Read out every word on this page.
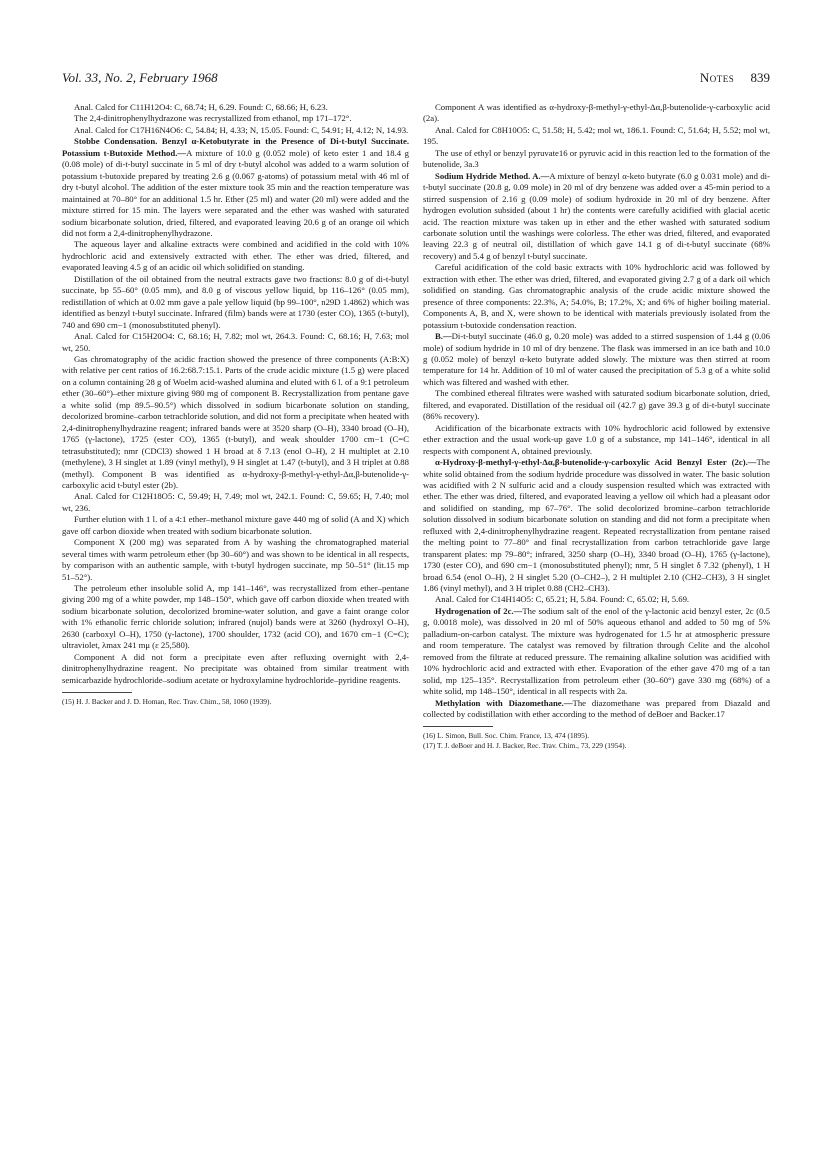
Vol. 33, No. 2, February 1968	Notes 839

Anal. Calcd for C11H12O4: C, 68.74; H, 6.29. Found: C, 68.66; H, 6.23.

The 2,4-dinitrophenylhydrazone was recrystallized from ethanol, mp 171–172°.

Anal. Calcd for C17H16N4O6: C, 54.84; H, 4.33; N, 15.05. Found: C, 54.91; H, 4.12; N, 14.93.

Stobbe Condensation. Benzyl α-Ketobutyrate in the Presence of Di-t-butyl Succinate. Potassium t-Butoxide Method.—A mixture of 10.0 g (0.052 mole) of keto ester 1 and 18.4 g (0.08 mole) of di-t-butyl succinate in 5 ml of dry t-butyl alcohol was added to a warm solution of potassium t-butoxide prepared by treating 2.6 g (0.067 g-atoms) of potassium metal with 46 ml of dry t-butyl alcohol. The addition of the ester mixture took 35 min and the reaction temperature was maintained at 70–80° for an additional 1.5 hr. Ether (25 ml) and water (20 ml) were added and the mixture stirred for 15 min. The layers were separated and the ether was washed with saturated sodium bicarbonate solution, dried, filtered, and evaporated leaving 20.6 g of an orange oil which did not form a 2,4-dinitrophenylhydrazone.

The aqueous layer and alkaline extracts were combined and acidified in the cold with 10% hydrochloric acid and extensively extracted with ether. The ether was dried, filtered, and evaporated leaving 4.5 g of an acidic oil which solidified on standing.

Distillation of the oil obtained from the neutral extracts gave two fractions: 8.0 g of di-t-butyl succinate, bp 55–60° (0.05 mm), and 8.0 g of viscous yellow liquid, bp 116–126° (0.05 mm), redistillation of which at 0.02 mm gave a pale yellow liquid (bp 99–100°, n29D 1.4862) which was identified as benzyl t-butyl succinate. Infrared (film) bands were at 1730 (ester CO), 1365 (t-butyl), 740 and 690 cm−1 (monosubstituted phenyl).

Anal. Calcd for C15H20O4: C, 68.16; H, 7.82; mol wt, 264.3. Found: C, 68.16; H, 7.63; mol wt, 250.

Gas chromatography of the acidic fraction showed the presence of three components (A:B:X) with relative per cent ratios of 16.2:68.7:15.1. Parts of the crude acidic mixture (1.5 g) were placed on a column containing 28 g of Woelm acid-washed alumina and eluted with 6 l. of a 9:1 petroleum ether (30–60°)–ether mixture giving 980 mg of component B. Recrystallization from pentane gave a white solid (mp 89.5–90.5°) which dissolved in sodium bicarbonate solution on standing, decolorized bromine–carbon tetrachloride solution, and did not form a precipitate when heated with 2,4-dinitrophenylhydrazine reagent; infrared bands were at 3520 sharp (O–H), 3340 broad (O–H), 1765 (γ-lactone), 1725 (ester CO), 1365 (t-butyl), and weak shoulder 1700 cm−1 (C=C tetrasubstituted); nmr (CDCl3) showed 1 H broad at δ 7.13 (enol O–H), 2 H multiplet at 2.10 (methylene), 3 H singlet at 1.89 (vinyl methyl), 9 H singlet at 1.47 (t-butyl), and 3 H triplet at 0.88 (methyl). Component B was identified as α-hydroxy-β-methyl-γ-ethyl-Δα,β-butenolide-γ-carboxylic acid t-butyl ester (2b).

Anal. Calcd for C12H18O5: C, 59.49; H, 7.49; mol wt, 242.1. Found: C, 59.65; H, 7.40; mol wt, 236.

Further elution with 1 l. of a 4:1 ether–methanol mixture gave 440 mg of solid (A and X) which gave off carbon dioxide when treated with sodium bicarbonate solution.

Component X (200 mg) was separated from A by washing the chromatographed material several times with warm petroleum ether (bp 30–60°) and was shown to be identical in all respects, by comparison with an authentic sample, with t-butyl hydrogen succinate, mp 50–51° (lit.15 mp 51–52°).

The petroleum ether insoluble solid A, mp 141–146°, was recrystallized from ether–pentane giving 200 mg of a white powder, mp 148–150°, which gave off carbon dioxide when treated with sodium bicarbonate solution, decolorized bromine-water solution, and gave a faint orange color with 1% ethanolic ferric chloride solution; infrared (nujol) bands were at 3260 (hydroxyl O–H), 2630 (carboxyl O–H), 1750 (γ-lactone), 1700 shoulder, 1732 (acid CO), and 1670 cm−1 (C=C); ultraviolet, λmax 241 mμ (ε 25,580).

Component A did not form a precipitate even after refluxing overnight with 2,4-dinitrophenylhydrazine reagent. No precipitate was obtained from similar treatment with semicarbazide hydrochloride–sodium acetate or hydroxylamine hydrochloride–pyridine reagents.

(15) H. J. Backer and J. D. Homan, Rec. Trav. Chim., 58, 1060 (1939).

Component A was identified as α-hydroxy-β-methyl-γ-ethyl-Δα,β-butenolide-γ-carboxylic acid (2a).

Anal. Calcd for C8H10O5: C, 51.58; H, 5.42; mol wt, 186.1. Found: C, 51.64; H, 5.52; mol wt, 195.

The use of ethyl or benzyl pyruvate16 or pyruvic acid in this reaction led to the formation of the butenolide, 3a.3

Sodium Hydride Method. A.—A mixture of benzyl α-keto butyrate (6.0 g 0.031 mole) and di-t-butyl succinate (20.8 g, 0.09 mole) in 20 ml of dry benzene was added over a 45-min period to a stirred suspension of 2.16 g (0.09 mole) of sodium hydroxide in 20 ml of dry benzene. After hydrogen evolution subsided (about 1 hr) the contents were carefully acidified with glacial acetic acid. The reaction mixture was taken up in ether and the ether washed with saturated sodium carbonate solution until the washings were colorless. The ether was dried, filtered, and evaporated leaving 22.3 g of neutral oil, distillation of which gave 14.1 g of di-t-butyl succinate (68% recovery) and 5.4 g of benzyl t-butyl succinate.

Careful acidification of the cold basic extracts with 10% hydrochloric acid was followed by extraction with ether. The ether was dried, filtered, and evaporated giving 2.7 g of a dark oil which solidified on standing. Gas chromatographic analysis of the crude acidic mixture showed the presence of three components: 22.3%, A; 54.0%, B; 17.2%, X; and 6% of higher boiling material. Components A, B, and X, were shown to be identical with materials previously isolated from the potassium t-butoxide condensation reaction.

B.—Di-t-butyl succinate (46.0 g, 0.20 mole) was added to a stirred suspension of 1.44 g (0.06 mole) of sodium hydride in 10 ml of dry benzene. The flask was immersed in an ice bath and 10.0 g (0.052 mole) of benzyl α-keto butyrate added slowly. The mixture was then stirred at room temperature for 14 hr. Addition of 10 ml of water caused the precipitation of 5.3 g of a white solid which was filtered and washed with ether.

The combined ethereal filtrates were washed with saturated sodium bicarbonate solution, dried, filtered, and evaporated. Distillation of the residual oil (42.7 g) gave 39.3 g of di-t-butyl succinate (86% recovery).

Acidification of the bicarbonate extracts with 10% hydrochloric acid followed by extensive ether extraction and the usual work-up gave 1.0 g of a substance, mp 141–146°, identical in all respects with component A, obtained previously.

α-Hydroxy-β-methyl-γ-ethyl-Δα,β-butenolide-γ-carboxylic Acid Benzyl Ester (2c).—The white solid obtained from the sodium hydride procedure was dissolved in water. The basic solution was acidified with 2 N sulfuric acid and a cloudy suspension resulted which was extracted with ether. The ether was dried, filtered, and evaporated leaving a yellow oil which had a pleasant odor and solidified on standing, mp 67–76°. The solid decolorized bromine–carbon tetrachloride solution dissolved in sodium bicarbonate solution on standing and did not form a precipitate when refluxed with 2,4-dinitrophenylhydrazine reagent. Repeated recrystallization from pentane raised the melting point to 77–80° and final recrystallization from carbon tetrachloride gave large transparent plates: mp 79–80°; infrared, 3250 sharp (O–H), 3340 broad (O–H), 1765 (γ-lactone), 1730 (ester CO), and 690 cm−1 (monosubstituted phenyl); nmr, 5 H singlet δ 7.32 (phenyl), 1 H broad 6.54 (enol O–H), 2 H singlet 5.20 (O–CH2–), 2 H multiplet 2.10 (CH2–CH3), 3 H singlet 1.86 (vinyl methyl), and 3 H triplet 0.88 (CH2–CH3).

Anal. Calcd for C14H14O5: C, 65.21; H, 5.84. Found: C, 65.02; H, 5.69.

Hydrogenation of 2c.—The sodium salt of the enol of the γ-lactonic acid benzyl ester, 2c (0.5 g, 0.0018 mole), was dissolved in 20 ml of 50% aqueous ethanol and added to 50 mg of 5% palladium-on-carbon catalyst. The mixture was hydrogenated for 1.5 hr at atmospheric pressure and room temperature. The catalyst was removed by filtration through Celite and the alcohol removed from the filtrate at reduced pressure. The remaining alkaline solution was acidified with 10% hydrochloric acid and extracted with ether. Evaporation of the ether gave 470 mg of a tan solid, mp 125–135°. Recrystallization from petroleum ether (30–60°) gave 330 mg (68%) of a white solid, mp 148–150°, identical in all respects with 2a.

Methylation with Diazomethane.—The diazomethane was prepared from Diazald and collected by codistillation with ether according to the method of deBoer and Backer.17

(16) L. Simon, Bull. Soc. Chim. France, 13, 474 (1895).

(17) T. J. deBoer and H. J. Backer, Rec. Trav. Chim., 73, 229 (1954).
